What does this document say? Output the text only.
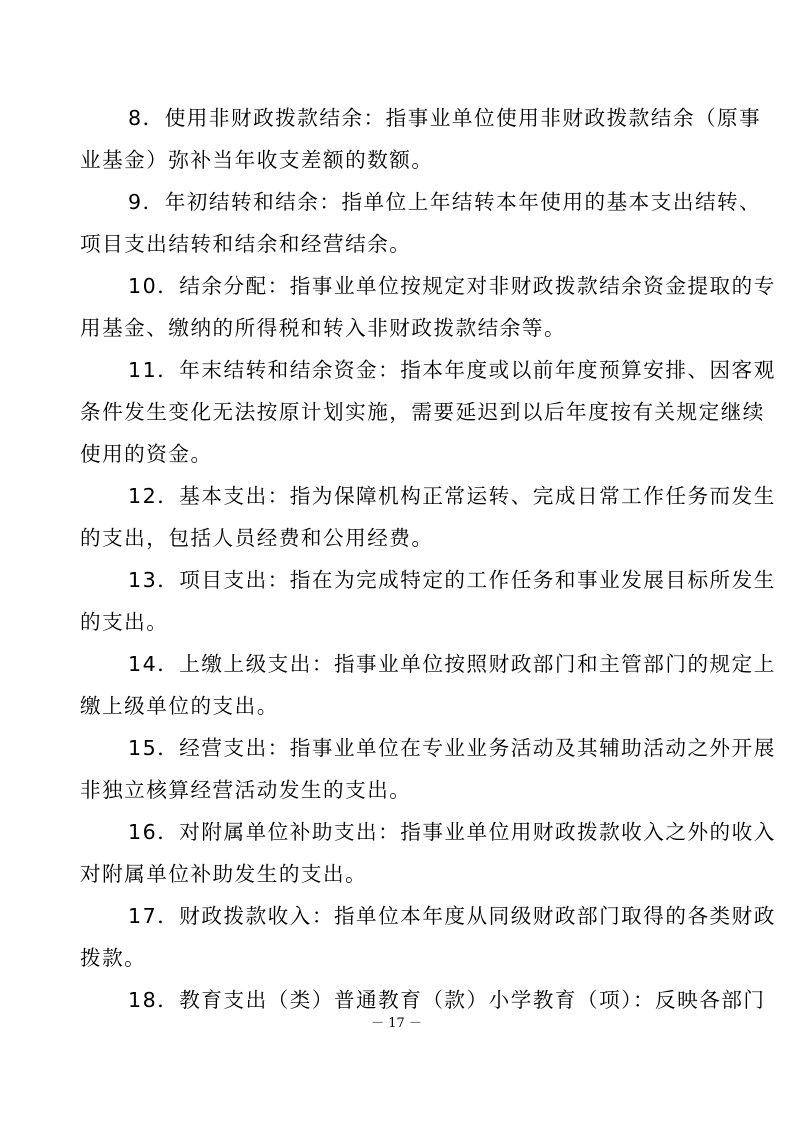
8．使用非财政拨款结余：指事业单位使用非财政拨款结余（原事
业基金）弥补当年收支差额的数额。
9．年初结转和结余：指单位上年结转本年使用的基本支出结转、
项目支出结转和结余和经营结余。
10．结余分配：指事业单位按规定对非财政拨款结余资金提取的专
用基金、缴纳的所得税和转入非财政拨款结余等。
11．年末结转和结余资金：指本年度或以前年度预算安排、因客观
条件发生变化无法按原计划实施，需要延迟到以后年度按有关规定继续
使用的资金。
12．基本支出：指为保障机构正常运转、完成日常工作任务而发生
的支出，包括人员经费和公用经费。
13．项目支出：指在为完成特定的工作任务和事业发展目标所发生
的支出。
14．上缴上级支出：指事业单位按照财政部门和主管部门的规定上
缴上级单位的支出。
15．经营支出：指事业单位在专业业务活动及其辅助活动之外开展
非独立核算经营活动发生的支出。
16．对附属单位补助支出：指事业单位用财政拨款收入之外的收入
对附属单位补助发生的支出。
17．财政拨款收入：指单位本年度从同级财政部门取得的各类财政
拨款。
18．教育支出（类）普通教育（款）小学教育（项）：反映各部门
－ 17 －
